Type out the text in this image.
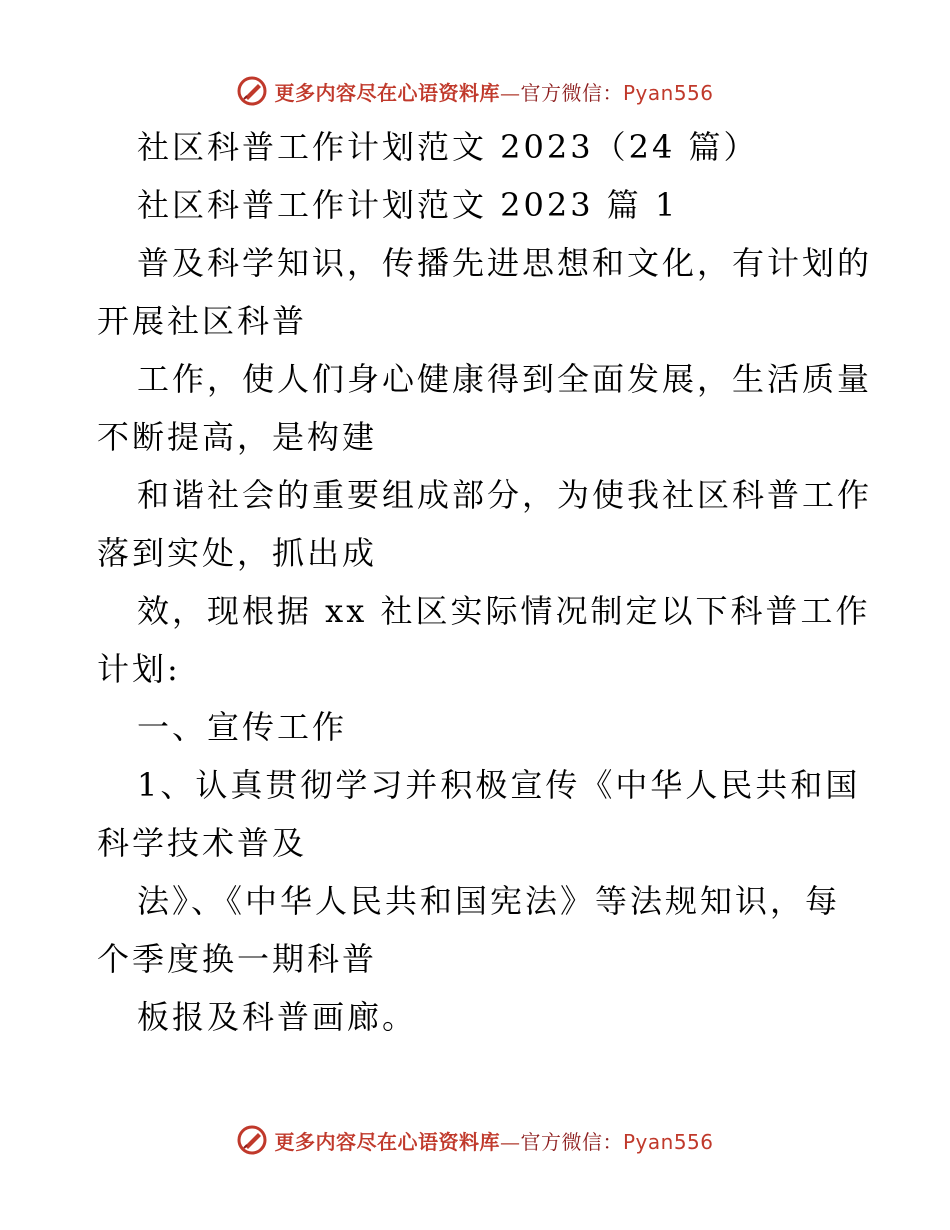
更多内容尽在心语资料库—官方微信：Pyan556
社区科普工作计划范文 2023（24 篇）
社区科普工作计划范文 2023 篇 1
普及科学知识，传播先进思想和文化，有计划的
开展社区科普
工作，使人们身心健康得到全面发展，生活质量
不断提高，是构建
和谐社会的重要组成部分，为使我社区科普工作
落到实处，抓出成
效，现根据 xx 社区实际情况制定以下科普工作
计划:
一、宣传工作
1、认真贯彻学习并积极宣传《中华人民共和国
科学技术普及
法》、《中华人民共和国宪法》等法规知识，每
个季度换一期科普
板报及科普画廊。
更多内容尽在心语资料库—官方微信：Pyan556
